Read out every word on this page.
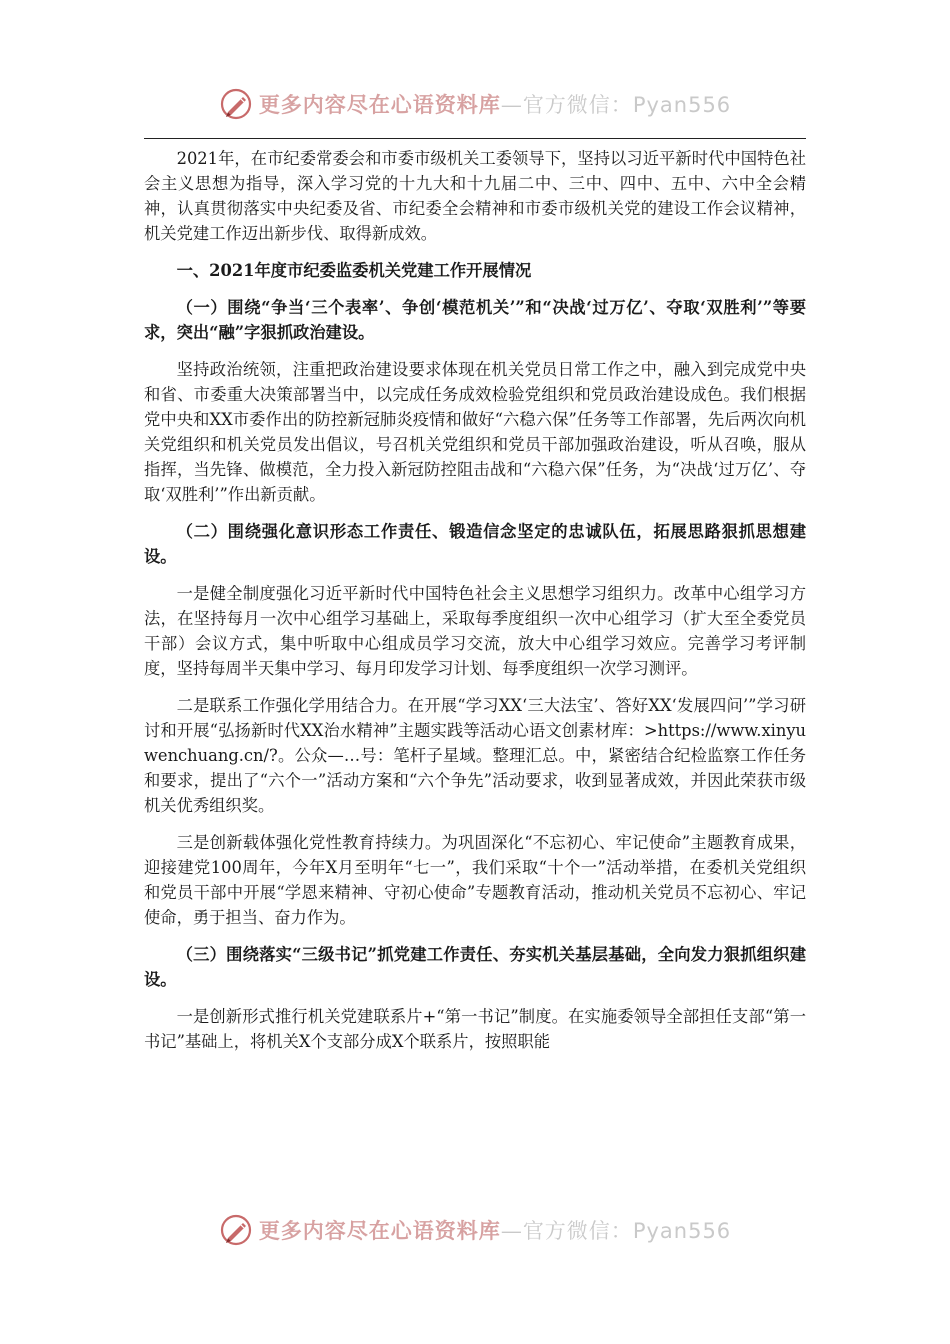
更多内容尽在心语资料库—官方微信：Pyan556

2021年，在市纪委常委会和市委市级机关工委领导下，坚持以习近平新时代中国特色社会主义思想为指导，深入学习党的十九大和十九届二中、三中、四中、五中、六中全会精神，认真贯彻落实中央纪委及省、市纪委全会精神和市委市级机关党的建设工作会议精神，机关党建工作迈出新步伐、取得新成效。

一、2021年度市纪委监委机关党建工作开展情况

（一）围绕“争当‘三个表率’、争创‘模范机关’”和“决战‘过万亿’、夺取‘双胜利’”等要求，突出“融”字狠抓政治建设。

坚持政治统领，注重把政治建设要求体现在机关党员日常工作之中，融入到完成党中央和省、市委重大决策部署当中，以完成任务成效检验党组织和党员政治建设成色。我们根据党中央和XX市委作出的防控新冠肺炎疫情和做好“六稳六保”任务等工作部署，先后两次向机关党组织和机关党员发出倡议，号召机关党组织和党员干部加强政治建设，听从召唤，服从指挥，当先锋、做模范，全力投入新冠防控阻击战和“六稳六保”任务，为“决战‘过万亿’、夺取‘双胜利’”作出新贡献。

（二）围绕强化意识形态工作责任、锻造信念坚定的忠诚队伍，拓展思路狠抓思想建设。

一是健全制度强化习近平新时代中国特色社会主义思想学习组织力。改革中心组学习方法，在坚持每月一次中心组学习基础上，采取每季度组织一次中心组学习（扩大至全委党员干部）会议方式，集中听取中心组成员学习交流，放大中心组学习效应。完善学习考评制度，坚持每周半天集中学习、每月印发学习计划、每季度组织一次学习测评。

二是联系工作强化学用结合力。在开展“学习XX‘三大法宝’、答好XX‘发展四问’”学习研讨和开展“弘扬新时代XX治水精神”主题实践等活动心语文创素材库：>https://www.xinyuwenchuang.cn/?。公众—…号：笔杆子星域。整理汇总。中，紧密结合纪检监察工作任务和要求，提出了“六个一”活动方案和“六个争先”活动要求，收到显著成效，并因此荣获市级机关优秀组织奖。

三是创新载体强化党性教育持续力。为巩固深化“不忘初心、牢记使命”主题教育成果，迎接建党100周年，今年X月至明年“七一”，我们采取“十个一”活动举措，在委机关党组织和党员干部中开展“学恩来精神、守初心使命”专题教育活动，推动机关党员不忘初心、牢记使命，勇于担当、奋力作为。

（三）围绕落实“三级书记”抓党建工作责任、夯实机关基层基础，全向发力狠抓组织建设。

一是创新形式推行机关党建联系片+“第一书记”制度。在实施委领导全部担任支部“第一书记”基础上，将机关X个支部分成X个联系片，按照职能

更多内容尽在心语资料库—官方微信：Pyan556
